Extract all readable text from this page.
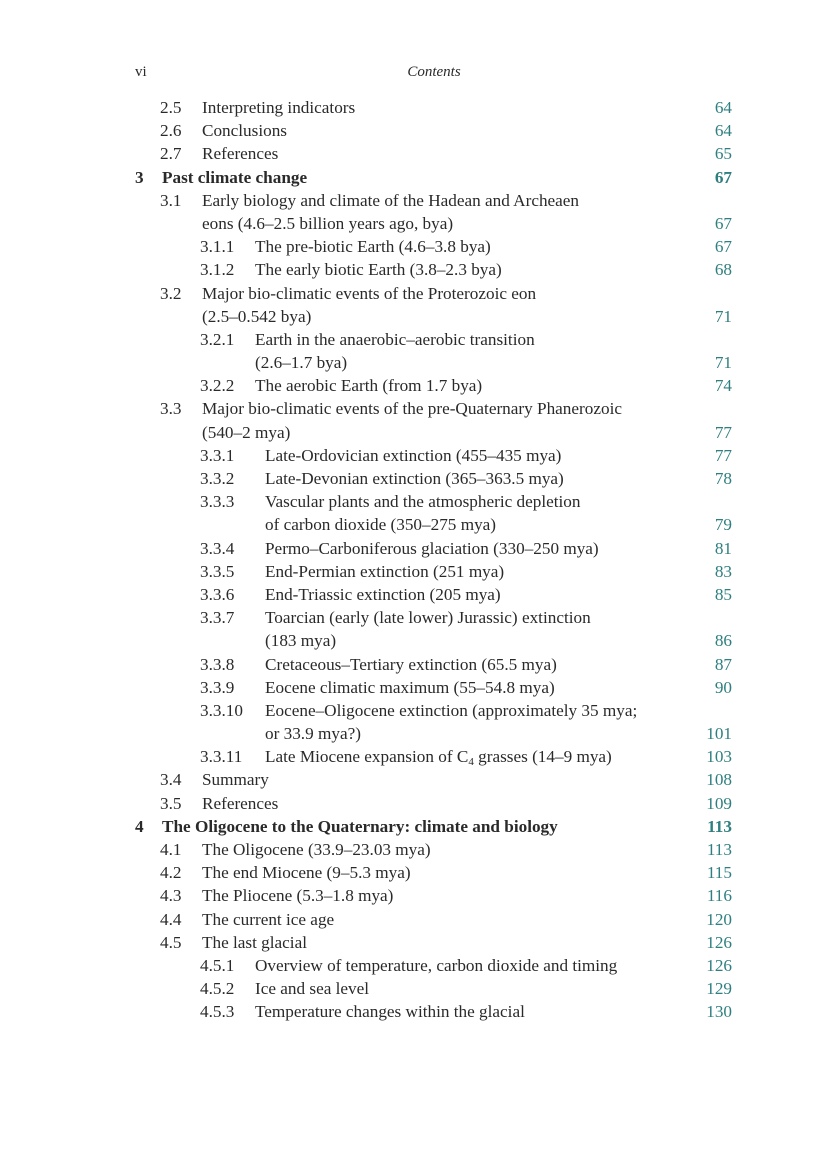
vi	Contents
2.5 Interpreting indicators	64
2.6 Conclusions	64
2.7 References	65
3 Past climate change	67
3.1 Early biology and climate of the Hadean and Archeaen
eons (4.6–2.5 billion years ago, bya)	67
3.1.1 The pre-biotic Earth (4.6–3.8 bya)	67
3.1.2 The early biotic Earth (3.8–2.3 bya)	68
3.2 Major bio-climatic events of the Proterozoic eon
(2.5–0.542 bya)	71
3.2.1 Earth in the anaerobic–aerobic transition
(2.6–1.7 bya)	71
3.2.2 The aerobic Earth (from 1.7 bya)	74
3.3 Major bio-climatic events of the pre-Quaternary Phanerozoic
(540–2 mya)	77
3.3.1 Late-Ordovician extinction (455–435 mya)	77
3.3.2 Late-Devonian extinction (365–363.5 mya)	78
3.3.3 Vascular plants and the atmospheric depletion
of carbon dioxide (350–275 mya)	79
3.3.4 Permo–Carboniferous glaciation (330–250 mya)	81
3.3.5 End-Permian extinction (251 mya)	83
3.3.6 End-Triassic extinction (205 mya)	85
3.3.7 Toarcian (early (late lower) Jurassic) extinction
(183 mya)	86
3.3.8 Cretaceous–Tertiary extinction (65.5 mya)	87
3.3.9 Eocene climatic maximum (55–54.8 mya)	90
3.3.10 Eocene–Oligocene extinction (approximately 35 mya;
or 33.9 mya?)	101
3.3.11 Late Miocene expansion of $C_4$ grasses (14–9 mya)	103
3.4 Summary	108
3.5 References	109
4 The Oligocene to the Quaternary: climate and biology	113
4.1 The Oligocene (33.9–23.03 mya)	113
4.2 The end Miocene (9–5.3 mya)	115
4.3 The Pliocene (5.3–1.8 mya)	116
4.4 The current ice age	120
4.5 The last glacial	126
4.5.1 Overview of temperature, carbon dioxide and timing	126
4.5.2 Ice and sea level	129
4.5.3 Temperature changes within the glacial	130
